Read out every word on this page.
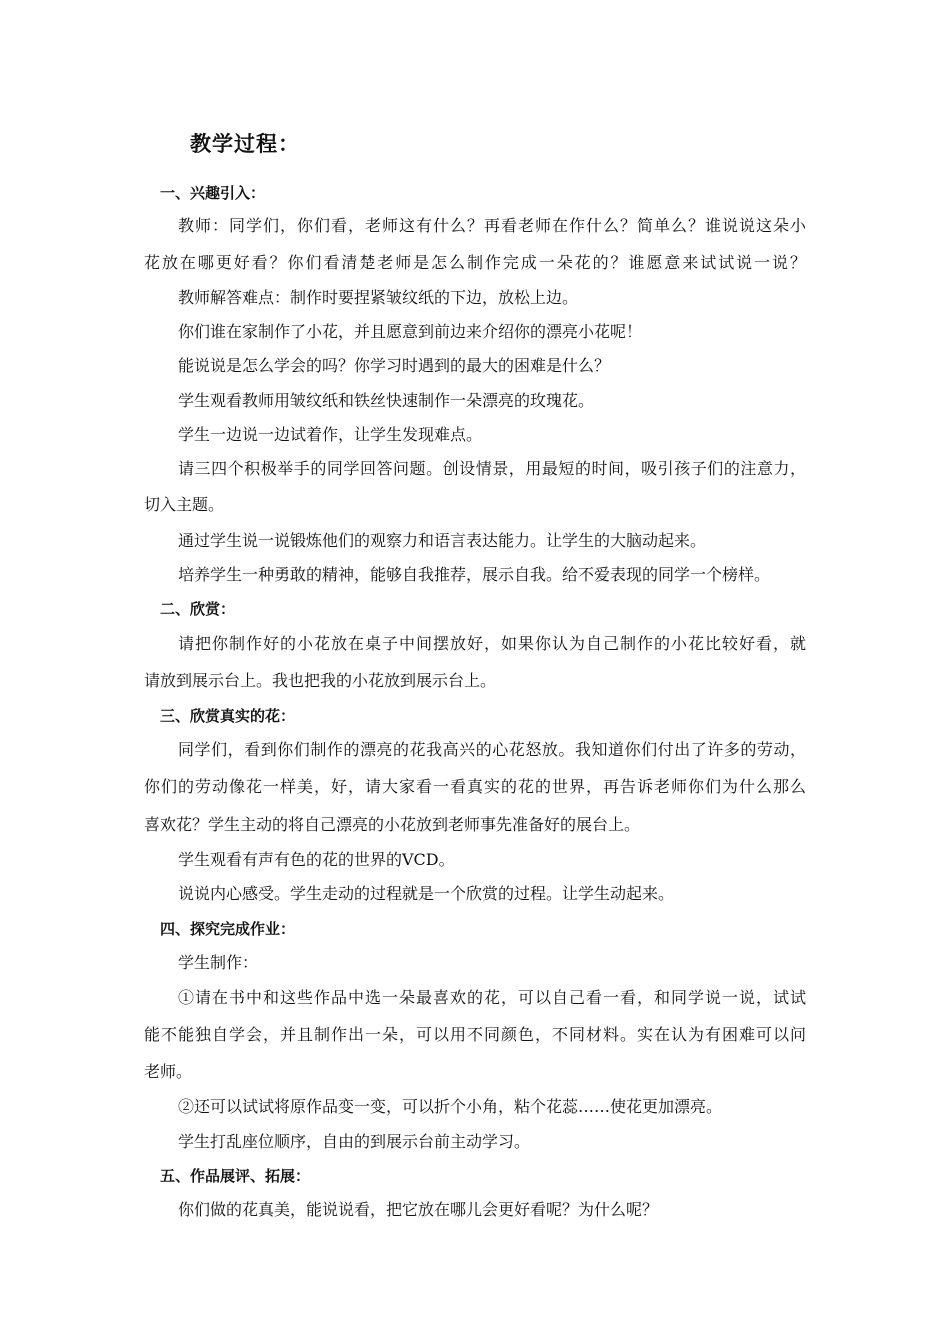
教学过程：
一、兴趣引入：
教师：同学们，你们看，老师这有什么？再看老师在作什么？简单么？谁说说这朵小
花放在哪更好看？你们看清楚老师是怎么制作完成一朵花的？谁愿意来试试说一说？
教师解答难点：制作时要捏紧皱纹纸的下边，放松上边。
你们谁在家制作了小花，并且愿意到前边来介绍你的漂亮小花呢！
能说说是怎么学会的吗？你学习时遇到的最大的困难是什么？
学生观看教师用皱纹纸和铁丝快速制作一朵漂亮的玫瑰花。
学生一边说一边试着作，让学生发现难点。
请三四个积极举手的同学回答问题。创设情景，用最短的时间，吸引孩子们的注意力，
切入主题。
通过学生说一说锻炼他们的观察力和语言表达能力。让学生的大脑动起来。
培养学生一种勇敢的精神，能够自我推荐，展示自我。给不爱表现的同学一个榜样。
二、欣赏：
请把你制作好的小花放在桌子中间摆放好，如果你认为自己制作的小花比较好看，就
请放到展示台上。我也把我的小花放到展示台上。
三、欣赏真实的花：
同学们，看到你们制作的漂亮的花我高兴的心花怒放。我知道你们付出了许多的劳动，
你们的劳动像花一样美，好，请大家看一看真实的花的世界，再告诉老师你们为什么那么
喜欢花？学生主动的将自己漂亮的小花放到老师事先准备好的展台上。
学生观看有声有色的花的世界的VCD。
说说内心感受。学生走动的过程就是一个欣赏的过程。让学生动起来。
四、探究完成作业：
学生制作：
①请在书中和这些作品中选一朵最喜欢的花，可以自己看一看，和同学说一说，试试
能不能独自学会，并且制作出一朵，可以用不同颜色，不同材料。实在认为有困难可以问
老师。
②还可以试试将原作品变一变，可以折个小角，粘个花蕊……使花更加漂亮。
学生打乱座位顺序，自由的到展示台前主动学习。
五、作品展评、拓展：
你们做的花真美，能说说看，把它放在哪儿会更好看呢？为什么呢？
